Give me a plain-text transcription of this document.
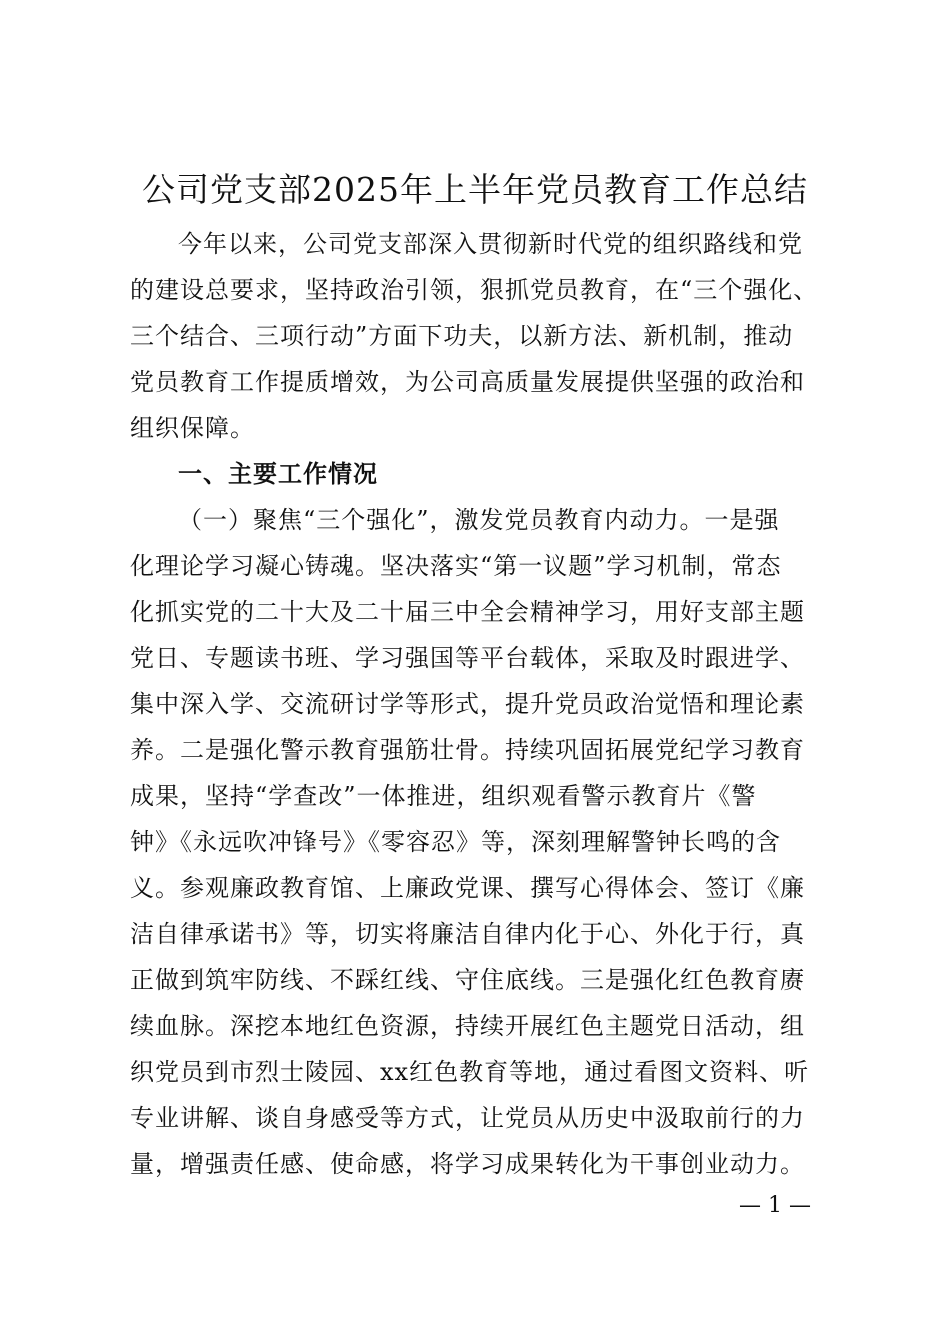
公司党支部2025年上半年党员教育工作总结

今年以来，公司党支部深入贯彻新时代党的组织路线和党

的建设总要求，坚持政治引领，狠抓党员教育，在“三个强化、

三个结合、三项行动”方面下功夫，以新方法、新机制，推动

党员教育工作提质增效，为公司高质量发展提供坚强的政治和

组织保障。

一、主要工作情况

（一）聚焦“三个强化”，激发党员教育内动力。一是强

化理论学习凝心铸魂。坚决落实“第一议题”学习机制，常态

化抓实党的二十大及二十届三中全会精神学习，用好支部主题

党日、专题读书班、学习强国等平台载体，采取及时跟进学、

集中深入学、交流研讨学等形式，提升党员政治觉悟和理论素

养。二是强化警示教育强筋壮骨。持续巩固拓展党纪学习教育

成果，坚持“学查改”一体推进，组织观看警示教育片《警

钟》《永远吹冲锋号》《零容忍》等，深刻理解警钟长鸣的含

义。参观廉政教育馆、上廉政党课、撰写心得体会、签订《廉

洁自律承诺书》等，切实将廉洁自律内化于心、外化于行，真

正做到筑牢防线、不踩红线、守住底线。三是强化红色教育赓

续血脉。深挖本地红色资源，持续开展红色主题党日活动，组

织党员到市烈士陵园、xx红色教育等地，通过看图文资料、听

专业讲解、谈自身感受等方式，让党员从历史中汲取前行的力

量，增强责任感、使命感，将学习成果转化为干事创业动力。

— 1 —
